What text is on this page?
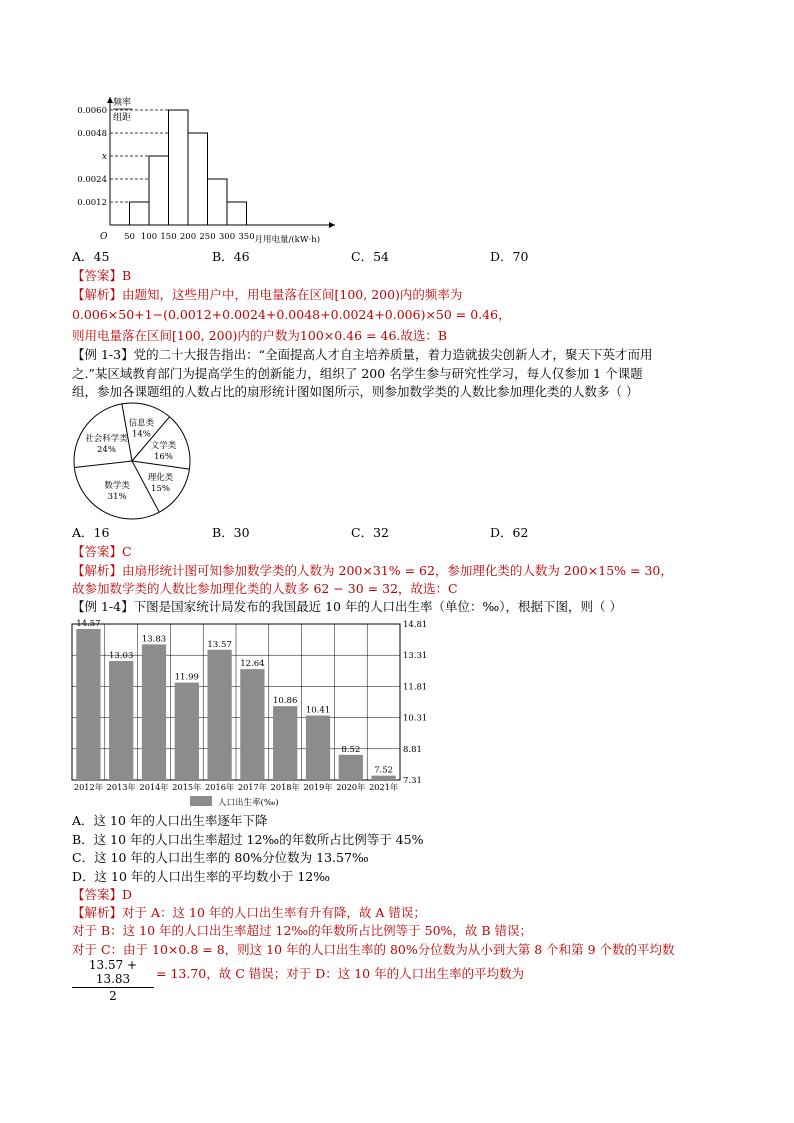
频率
组距
O
0.0060
0.0048
x
0.0024
0.0012
50 100 150 200 250 300 350 月用电量/(kW·h)
A．45	B．46	C．54	D．70
【答案】B
【解析】由题知，这些用户中，用电量落在区间[100, 200)内的频率为
0.006×50+1−(0.0012+0.0024+0.0048+0.0024+0.006)×50 = 0.46，
则用电量落在区间[100, 200)内的户数为100×0.46 = 46.故选：B
【例 1-3】党的二十大报告指出：“全面提高人才自主培养质量，着力造就拔尖创新人才，聚天下英才而用
之.”某区域教育部门为提高学生的创新能力，组织了 200 名学生参与研究性学习，每人仅参加 1 个课题
组，参加各课题组的人数占比的扇形统计图如图所示，则参加数学类的人数比参加理化类的人数多（ ）
信息类
14%
文学类
16%
理化类
15%
数学类
31%
社会科学类
24%
A．16	B．30	C．32	D．62
【答案】C
【解析】由扇形统计图可知参加数学类的人数为 200×31% = 62，参加理化类的人数为 200×15% = 30，
故参加数学类的人数比参加理化类的人数多 62 − 30 = 32，故选：C
【例 1-4】下图是国家统计局发布的我国最近 10 年的人口出生率（单位：‰），根据下图，则（ ）
14.81
13.31
11.81
10.31
8.81
7.31
14.57
13.03
13.83
11.99
13.57
12.64
10.86
10.41
8.52
7.52
2012年 2013年 2014年 2015年 2016年 2017年 2018年 2019年 2020年 2021年
人口出生率(‰)
A．这 10 年的人口出生率逐年下降
B．这 10 年的人口出生率超过 12‰的年数所占比例等于 45%
C．这 10 年的人口出生率的 80%分位数为 13.57‰
D．这 10 年的人口出生率的平均数小于 12‰
【答案】D
【解析】对于 A：这 10 年的人口出生率有升有降，故 A 错误；
对于 B：这 10 年的人口出生率超过 12‰的年数所占比例等于 50%，故 B 错误；
对于 C：由于 10×0.8 = 8，则这 10 年的人口出生率的 80%分位数为从小到大第 8 个和第 9 个数的平均数
13.57 + 13.83
2
= 13.70，故 C 错误；对于 D：这 10 年的人口出生率的平均数为
